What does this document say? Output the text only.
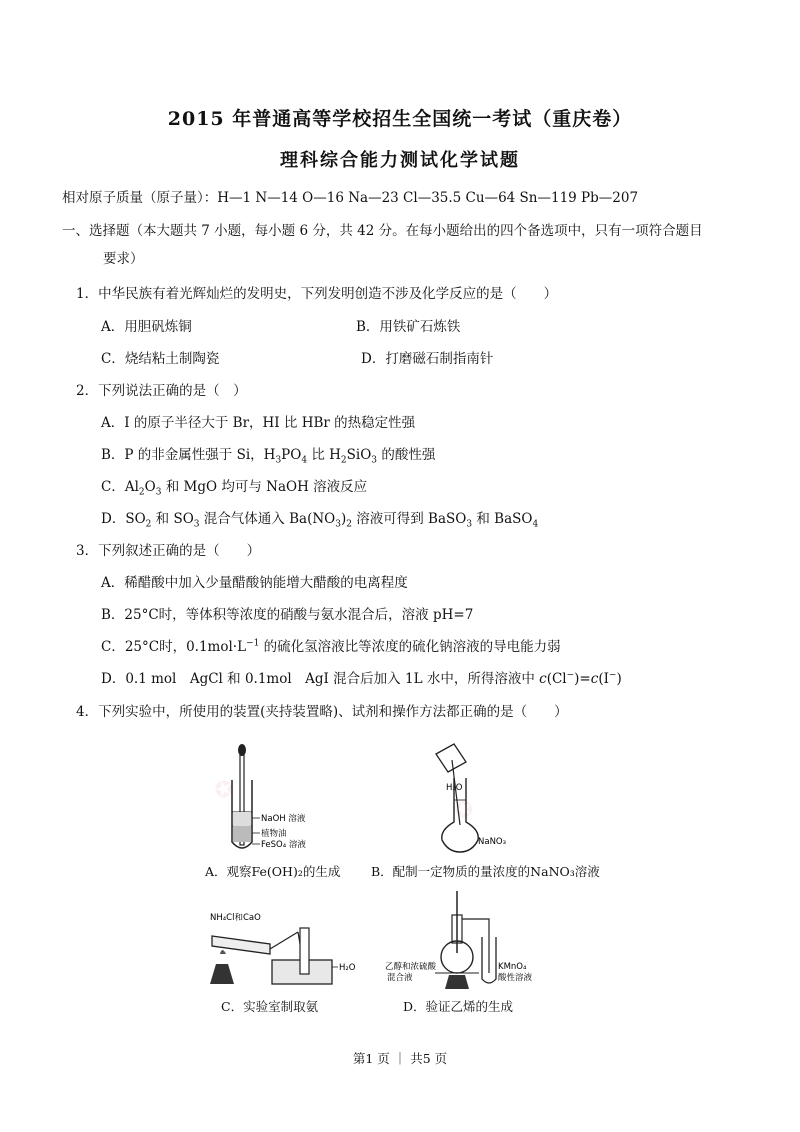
2015 年普通高等学校招生全国统一考试（重庆卷）
理科综合能力测试化学试题
相对原子质量（原子量）：H—1 N—14 O—16 Na—23 Cl—35.5 Cu—64 Sn—119 Pb—207
一、选择题（本大题共 7 小题，每小题 6 分，共 42 分。在每小题给出的四个备选项中，只有一项符合题目
要求）
1．中华民族有着光辉灿烂的发明史，下列发明创造不涉及化学反应的是（　　）
A．用胆矾炼铜	B．用铁矿石炼铁
C．烧结粘土制陶瓷	D．打磨磁石制指南针
2．下列说法正确的是（　）
A．I 的原子半径大于 Br，HI 比 HBr 的热稳定性强
B．P 的非金属性强于 Si，$H_3PO_4$ 比 $H_2SiO_3$ 的酸性强
C．$Al_2O_3$ 和 MgO 均可与 NaOH 溶液反应
D．$SO_2$ 和 $SO_3$ 混合气体通入 $Ba(NO_3)_2$ 溶液可得到 BaSO$_3$ 和 BaSO$_4$
3．下列叙述正确的是（　　）
A．稀醋酸中加入少量醋酸钠能增大醋酸的电离程度
B．25°C时，等体积等浓度的硝酸与氨水混合后，溶液 pH=7
C．25°C时，$0.1mol\cdot L^{-1}$ 的硫化氢溶液比等浓度的硫化钠溶液的导电能力弱
D．0.1 mol　AgCl 和 0.1mol　AgI 混合后加入 1L 水中，所得溶液中 c(Cl−)=c(I−)
4．下列实验中，所使用的装置(夹持装置略)、试剂和操作方法都正确的是（　　）
✪
✪
NaOH 溶液
植物油
FeSO₄ 溶液
A．观察Fe(OH)₂的生成
H₂O
NaNO₃
B．配制一定物质的量浓度的NaNO₃溶液
NH₄Cl和CaO
H₂O
C．实验室制取氨
乙醇和浓硫酸
混合液
KMnO₄
酸性溶液
D．验证乙烯的生成
第1 页 ｜ 共5 页
